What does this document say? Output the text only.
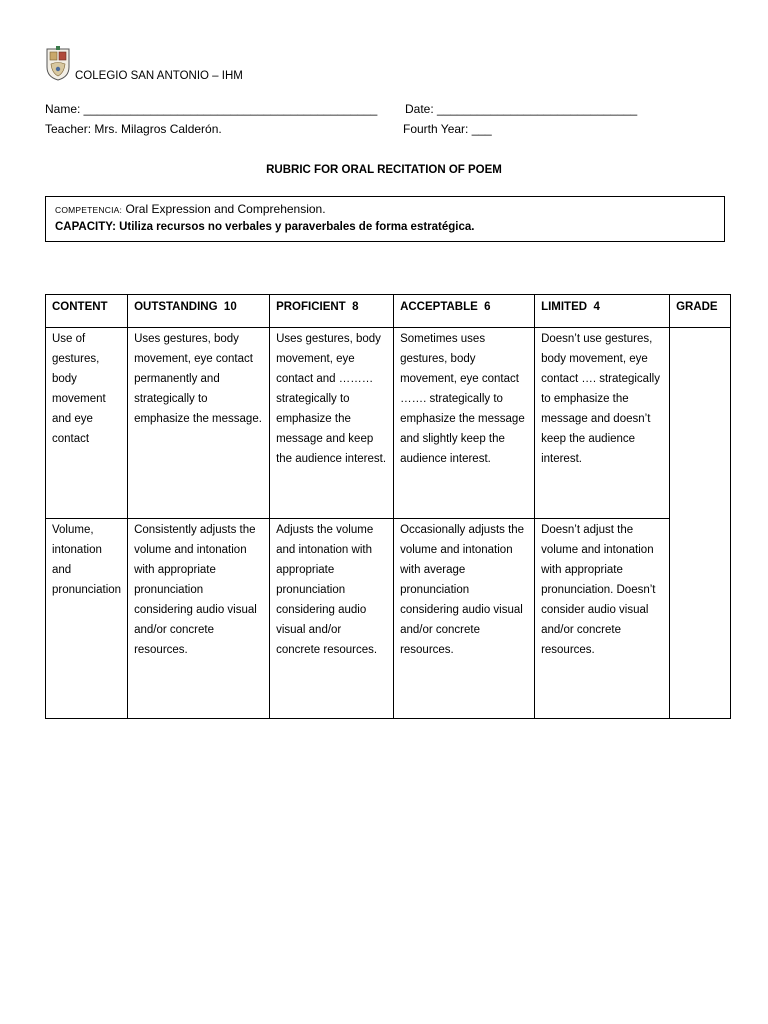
COLEGIO SAN ANTONIO – IHM
Name: ____________________________________________ Date: ______________________________
Teacher: Mrs. Milagros Calderón.	Fourth Year: ___
RUBRIC FOR ORAL RECITATION OF POEM
COMPETENCIA: Oral Expression and Comprehension.
CAPACITY: Utiliza recursos no verbales y paraverbales de forma estratégica.
CONTENT	OUTSTANDING  10	PROFICIENT  8	ACCEPTABLE  6	LIMITED  4	GRADE
Use of gestures, body movement and eye contact	Uses gestures, body movement, eye contact permanently and strategically to emphasize the message.	Uses gestures, body movement, eye contact and ……… strategically to emphasize the message and keep the audience interest.	Sometimes uses gestures, body movement, eye contact ……. strategically to emphasize the message and slightly keep the audience interest.	Doesn’t use gestures, body movement, eye contact …. strategically to emphasize the message and doesn’t keep the audience interest.	
Volume, intonation and pronunciation	Consistently adjusts the volume and intonation with appropriate pronunciation considering audio visual and/or concrete resources.	Adjusts the volume and intonation with appropriate pronunciation considering audio visual and/or concrete resources.	Occasionally adjusts the volume and intonation with average pronunciation considering audio visual and/or concrete resources.	Doesn’t adjust the volume and intonation with appropriate pronunciation. Doesn’t consider audio visual and/or concrete resources.	
